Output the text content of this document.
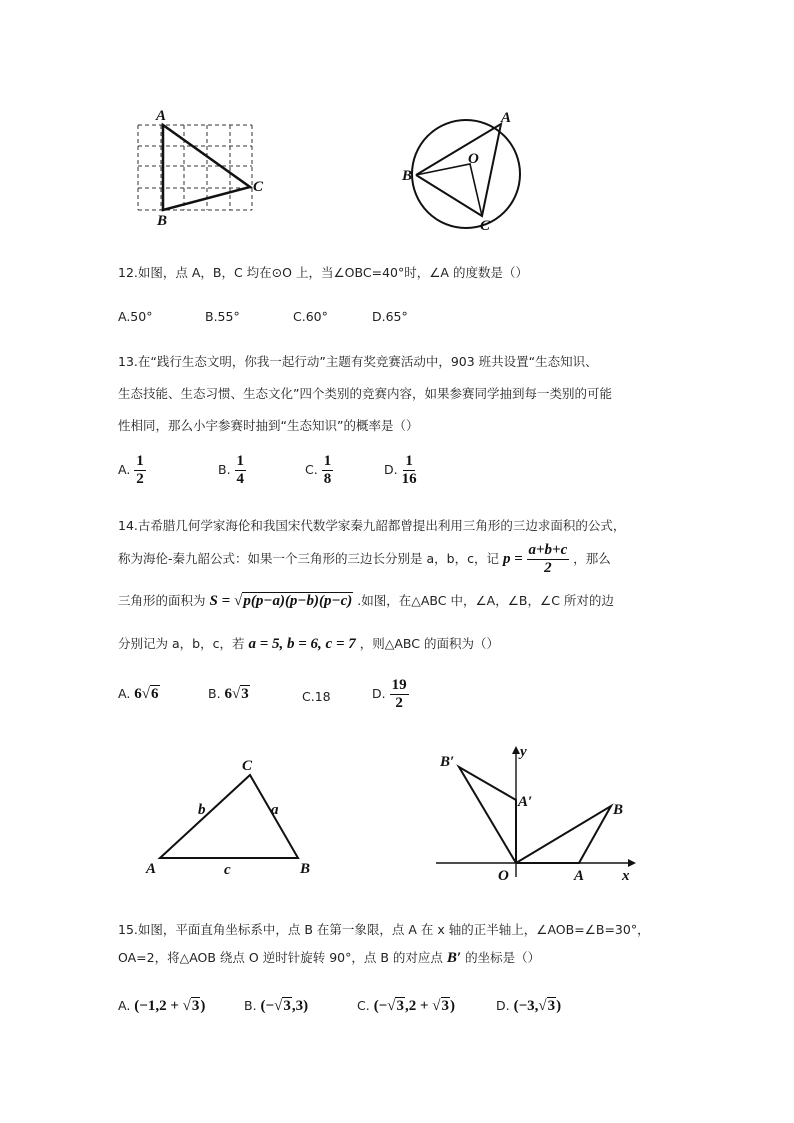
A
B
C
A
B
C
O
12.如图，点 A，B，C 均在⊙O 上，当∠OBC=40°时，∠A 的度数是（）
A.50°	B.55°	C.60°	D.65°
13.在“践行生态文明，你我一起行动”主题有奖竞赛活动中，903 班共设置“生态知识、
生态技能、生态习惯、生态文化”四个类别的竞赛内容，如果参赛同学抽到每一类别的可能
性相同，那么小宇参赛时抽到“生态知识”的概率是（）
A. $\frac{1}{2}$	B. $\frac{1}{4}$	C. $\frac{1}{8}$	D. $\frac{1}{16}$
14.古希腊几何学家海伦和我国宋代数学家秦九韶都曾提出利用三角形的三边求面积的公式，
称为海伦-秦九韶公式：如果一个三角形的三边长分别是 a，b，c，记 $p = \frac{a+b+c}{2}$ ，那么
三角形的面积为 S = √p(p−a)(p−b)(p−c) .如图，在△ABC 中，∠A，∠B，∠C 所对的边
分别记为 a，b，c，若 a = 5, b = 6, c = 7 ，则△ABC 的面积为（）
A. 6√6	B. 6√3	C.18	D. $\frac{19}{2}$
C
A	B
b	a
c
B′
A′	B
O	A	x
y
15.如图，平面直角坐标系中，点 B 在第一象限，点 A 在 x 轴的正半轴上，∠AOB=∠B=30°，
OA=2，将△AOB 绕点 O 逆时针旋转 90°，点 B 的对应点 B′ 的坐标是（）
A. (−1,2 + √3)	B. (−√3,3)	C. (−√3,2 + √3)	D. (−3,√3)
